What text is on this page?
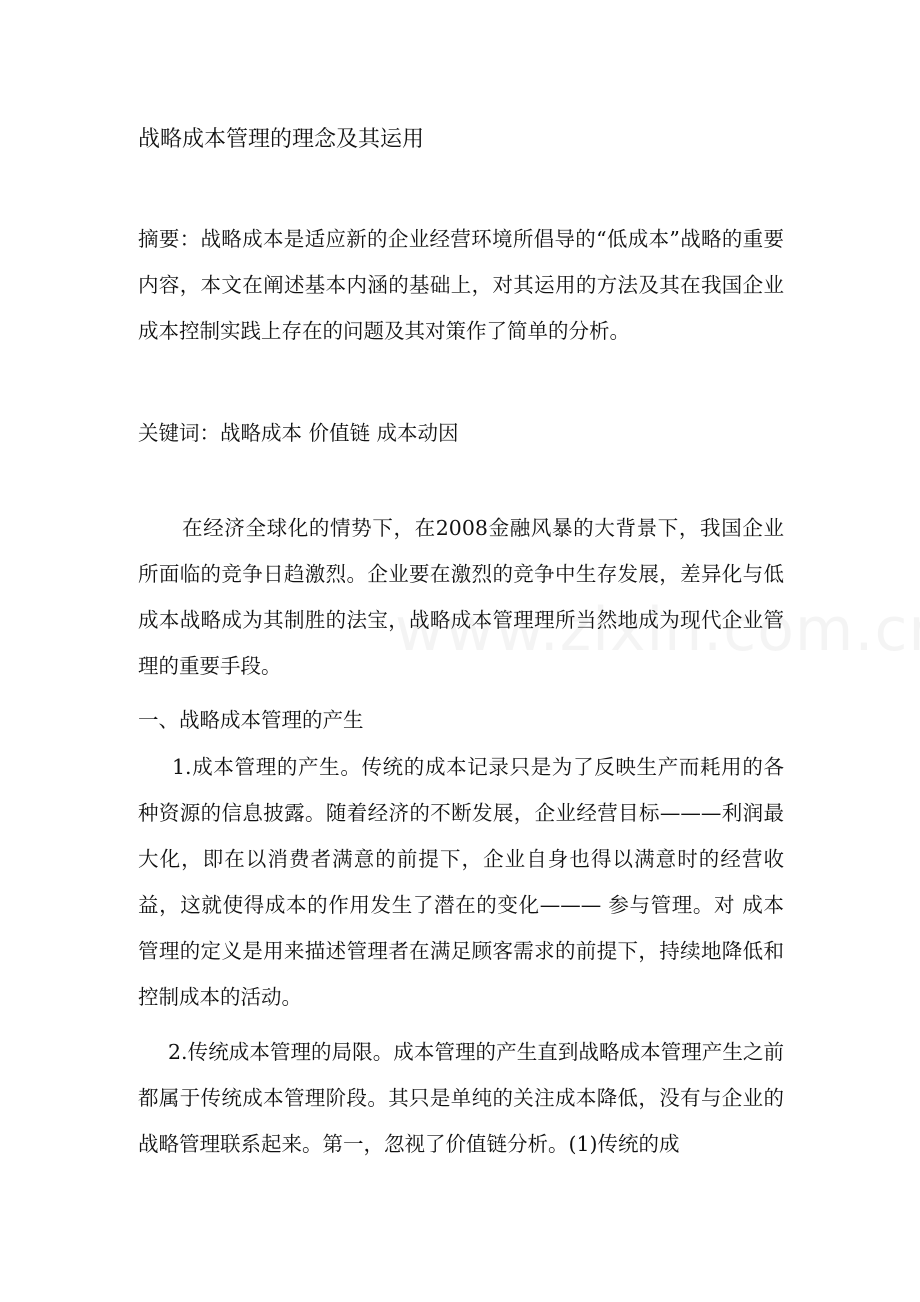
战略成本管理的理念及其运用
摘要：战略成本是适应新的企业经营环境所倡导的“低成本”战略的重要内容，本文在阐述基本内涵的基础上，对其运用的方法及其在我国企业成本控制实践上存在的问题及其对策作了简单的分析。
关键词：战略成本 价值链 成本动因
在经济全球化的情势下，在2008金融风暴的大背景下，我国企业所面临的竞争日趋激烈。企业要在激烈的竞争中生存发展，差异化与低成本战略成为其制胜的法宝，战略成本管理理所当然地成为现代企业管理的重要手段。
一、战略成本管理的产生
1.成本管理的产生。传统的成本记录只是为了反映生产而耗用的各种资源的信息披露。随着经济的不断发展，企业经营目标———利润最大化，即在以消费者满意的前提下，企业自身也得以满意时的经营收益，这就使得成本的作用发生了潜在的变化——— 参与管理。对 成本管理的定义是用来描述管理者在满足顾客需求的前提下，持续地降低和控制成本的活动。
2.传统成本管理的局限。成本管理的产生直到战略成本管理产生之前都属于传统成本管理阶段。其只是单纯的关注成本降低，没有与企业的战略管理联系起来。第一，忽视了价值链分析。(1)传统的成
